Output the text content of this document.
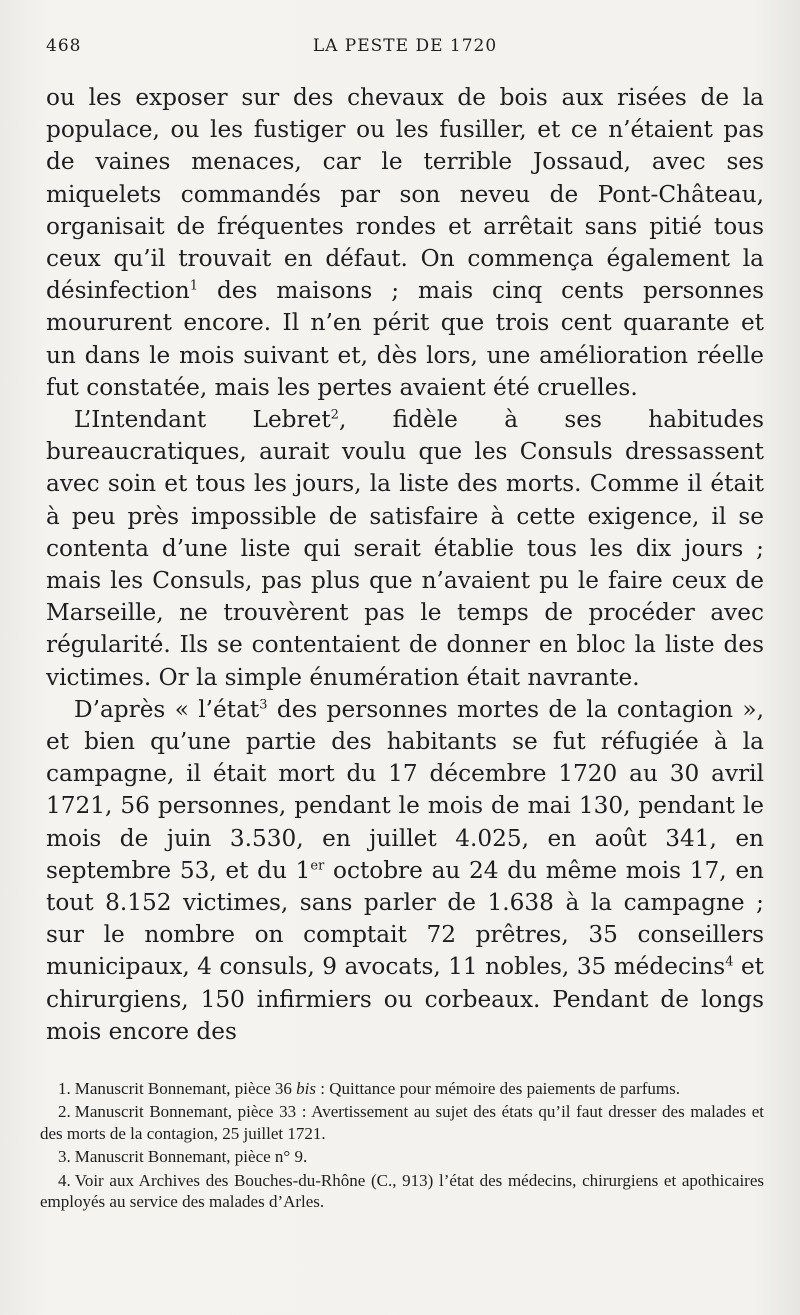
468	LA PESTE DE 1720

ou les exposer sur des chevaux de bois aux risées de la populace, ou les fustiger ou les fusiller, et ce n’étaient pas de vaines menaces, car le terrible Jossaud, avec ses miquelets commandés par son neveu de Pont-Château, organisait de fréquentes rondes et arrêtait sans pitié tous ceux qu’il trouvait en défaut. On commença également la désinfection$^1$ des maisons ; mais cinq cents personnes moururent encore. Il n’en périt que trois cent quarante et un dans le mois suivant et, dès lors, une amélioration réelle fut constatée, mais les pertes avaient été cruelles.

L’Intendant Lebret$^2$, fidèle à ses habitudes bureaucratiques, aurait voulu que les Consuls dressassent avec soin et tous les jours, la liste des morts. Comme il était à peu près impossible de satisfaire à cette exigence, il se contenta d’une liste qui serait établie tous les dix jours ; mais les Consuls, pas plus que n’avaient pu le faire ceux de Marseille, ne trouvèrent pas le temps de procéder avec régularité. Ils se contentaient de donner en bloc la liste des victimes. Or la simple énumération était navrante.

D’après « l’état$^3$ des personnes mortes de la contagion », et bien qu’une partie des habitants se fut réfugiée à la campagne, il était mort du 17 décembre 1720 au 30 avril 1721, 56 personnes, pendant le mois de mai 130, pendant le mois de juin 3.530, en juillet 4.025, en août 341, en septembre 53, et du 1er octobre au 24 du même mois 17, en tout 8.152 victimes, sans parler de 1.638 à la campagne ; sur le nombre on comptait 72 prêtres, 35 conseillers municipaux, 4 consuls, 9 avocats, 11 nobles, 35 médecins$^4$ et chirurgiens, 150 infirmiers ou corbeaux. Pendant de longs mois encore des

1. Manuscrit Bonnemant, pièce 36 bis : Quittance pour mémoire des paiements de parfums.

2. Manuscrit Bonnemant, pièce 33 : Avertissement au sujet des états qu’il faut dresser des malades et des morts de la contagion, 25 juillet 1721.

3. Manuscrit Bonnemant, pièce n° 9.

4. Voir aux Archives des Bouches-du-Rhône (C., 913) l’état des médecins, chirurgiens et apothicaires employés au service des malades d’Arles.
